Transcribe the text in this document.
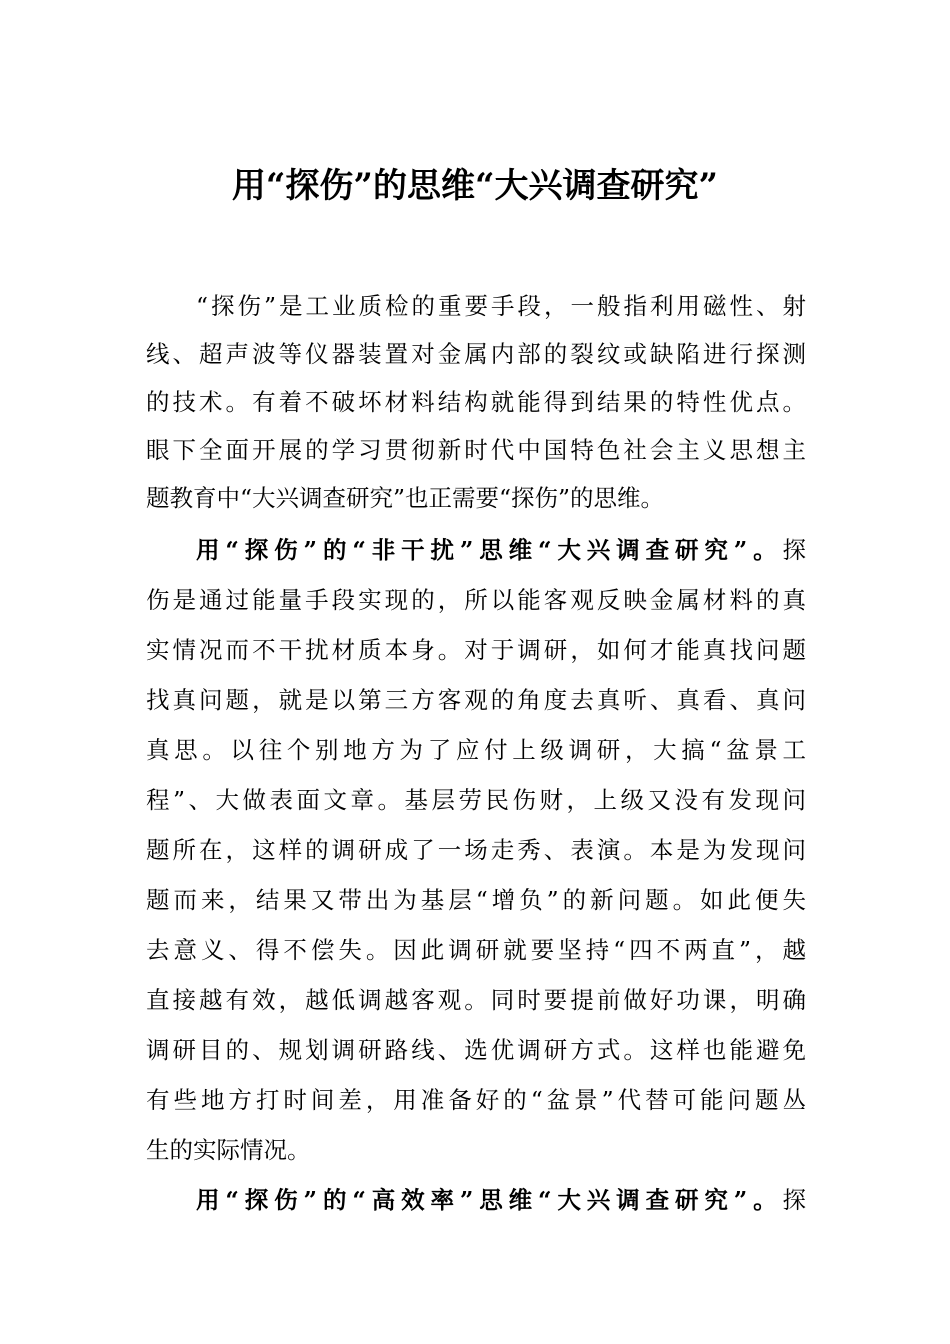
用“探伤”的思维“大兴调查研究”
“探伤”是工业质检的重要手段，一般指利用磁性、射
线、超声波等仪器装置对金属内部的裂纹或缺陷进行探测
的技术。有着不破坏材料结构就能得到结果的特性优点。
眼下全面开展的学习贯彻新时代中国特色社会主义思想主
题教育中“大兴调查研究”也正需要“探伤”的思维。
用“探伤”的“非干扰”思维“大兴调查研究”。探
伤是通过能量手段实现的，所以能客观反映金属材料的真
实情况而不干扰材质本身。对于调研，如何才能真找问题
找真问题，就是以第三方客观的角度去真听、真看、真问
真思。以往个别地方为了应付上级调研，大搞“盆景工
程”、大做表面文章。基层劳民伤财，上级又没有发现问
题所在，这样的调研成了一场走秀、表演。本是为发现问
题而来，结果又带出为基层“增负”的新问题。如此便失
去意义、得不偿失。因此调研就要坚持“四不两直”，越
直接越有效，越低调越客观。同时要提前做好功课，明确
调研目的、规划调研路线、选优调研方式。这样也能避免
有些地方打时间差，用准备好的“盆景”代替可能问题丛
生的实际情况。
用“探伤”的“高效率”思维“大兴调查研究”。探
